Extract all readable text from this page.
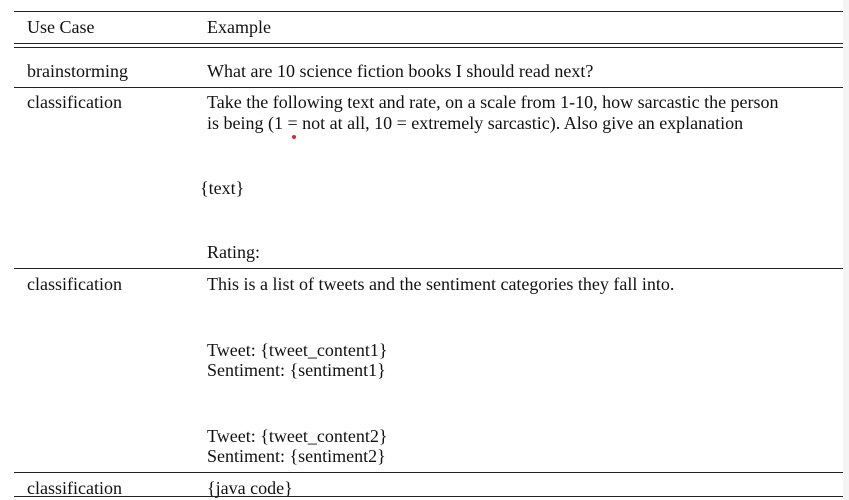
Use Case	Example
brainstorming	What are 10 science fiction books I should read next?
classification	Take the following text and rate, on a scale from 1-10, how sarcastic the person
is being (1 = not at all, 10 = extremely sarcastic). Also give an explanation
{text}
Rating:
classification	This is a list of tweets and the sentiment categories they fall into.
Tweet: {tweet_content1}
Sentiment: {sentiment1}
Tweet: {tweet_content2}
Sentiment: {sentiment2}
classification	{java code}
